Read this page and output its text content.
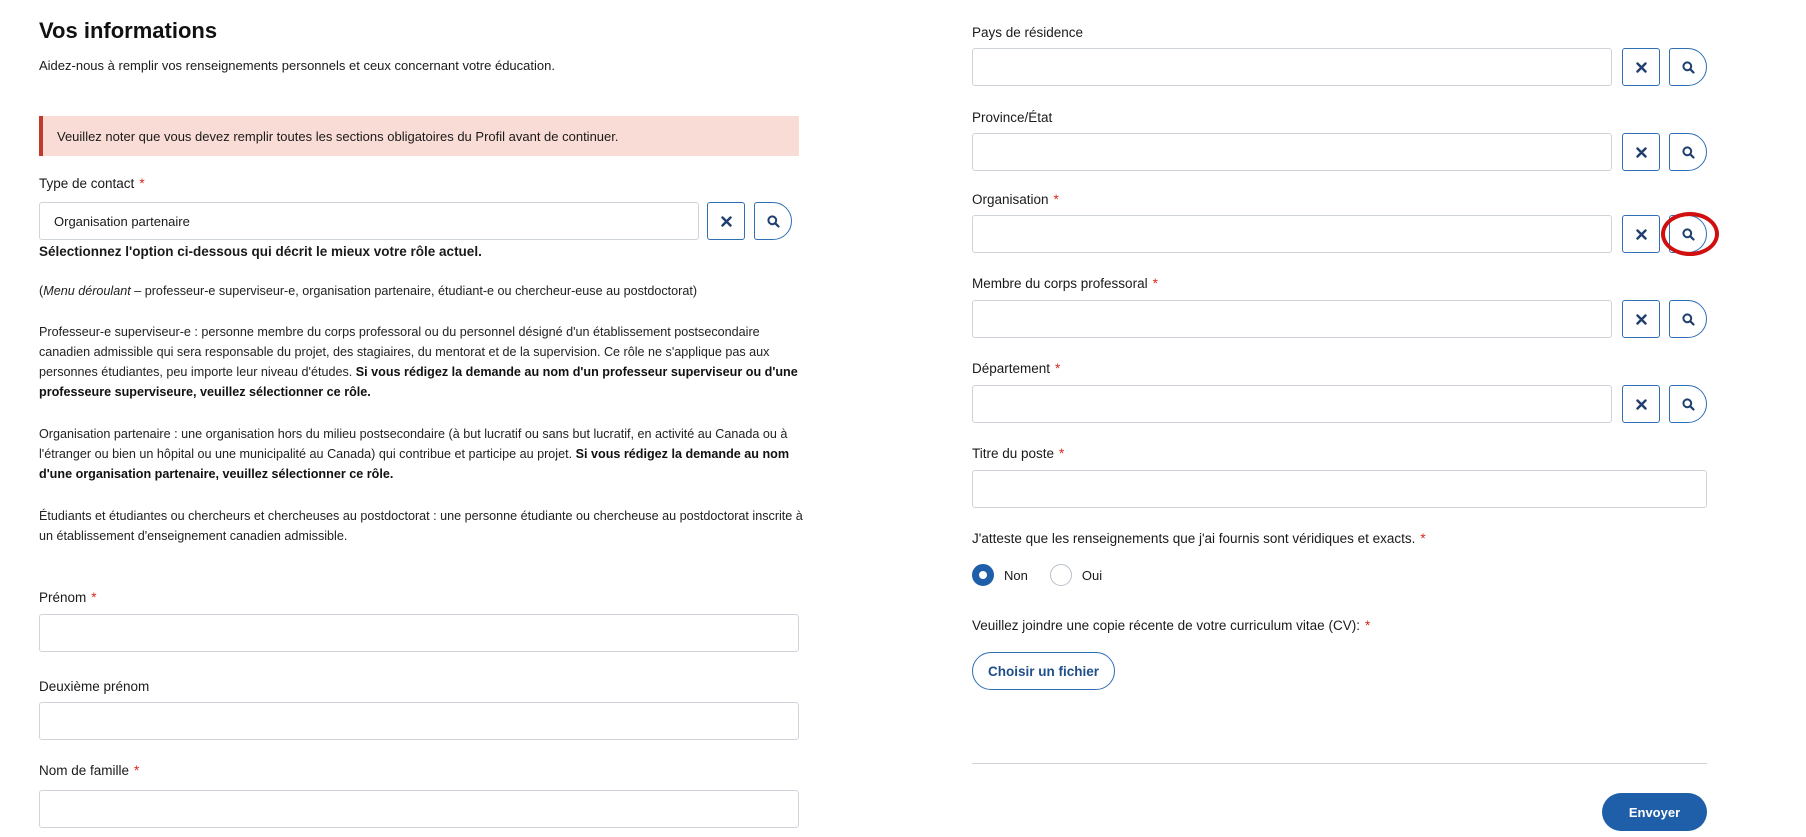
Vos informations
Aidez-nous à remplir vos renseignements personnels et ceux concernant votre éducation.
Veuillez noter que vous devez remplir toutes les sections obligatoires du Profil avant de continuer.
Type de contact *
Organisation partenaire
Sélectionnez l'option ci-dessous qui décrit le mieux votre rôle actuel.
(Menu déroulant – professeur-e superviseur-e, organisation partenaire, étudiant-e ou chercheur-euse au postdoctorat)
Professeur-e superviseur-e : personne membre du corps professoral ou du personnel désigné d'un établissement postsecondaire canadien admissible qui sera responsable du projet, des stagiaires, du mentorat et de la supervision. Ce rôle ne s'applique pas aux personnes étudiantes, peu importe leur niveau d'études. Si vous rédigez la demande au nom d'un professeur superviseur ou d'une professeure superviseure, veuillez sélectionner ce rôle.
Organisation partenaire : une organisation hors du milieu postsecondaire (à but lucratif ou sans but lucratif, en activité au Canada ou à l'étranger ou bien un hôpital ou une municipalité au Canada) qui contribue et participe au projet. Si vous rédigez la demande au nom d'une organisation partenaire, veuillez sélectionner ce rôle.
Étudiants et étudiantes ou chercheurs et chercheuses au postdoctorat : une personne étudiante ou chercheuse au postdoctorat inscrite à un établissement d'enseignement canadien admissible.
Prénom *
Deuxième prénom
Nom de famille *
Pays de résidence
Province/État
Organisation *
Membre du corps professoral *
Département *
Titre du poste *
J'atteste que les renseignements que j'ai fournis sont véridiques et exacts. *
Non	Oui
Veuillez joindre une copie récente de votre curriculum vitae (CV): *
Choisir un fichier
Envoyer
